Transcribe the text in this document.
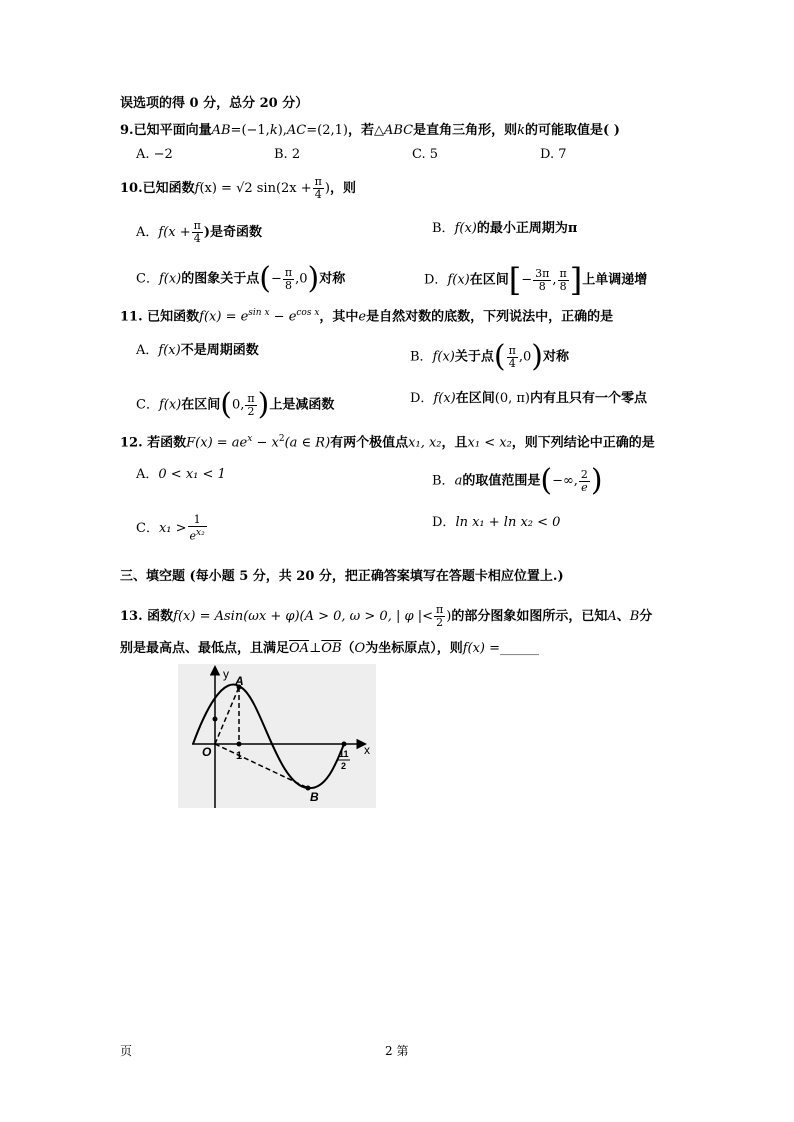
误选项的得 0 分，总分 20 分）
9.已知平面向量AB=(−1,k),AC=(2,1)，若△ABC是直角三角形，则k的可能取值是( )
A. −2	B. 2	C. 5	D. 7
10.已知函数f(x) = √2 $\sin(2x + \frac{\pi}{4}$ )，则
A．$f(x + \frac{\pi}{4}$ )是奇函数	B．f(x)的最小正周期为π
C．f(x)的图象关于点(− $\frac{\pi}{8} ,0$)对称	D．f(x)在区间[− $\frac{3\pi}{8}$ , $\frac{\pi}{8}$ ]上单调递增
11. 已知函数$f(x) = e^{sin x} - e^{cos x}$，其中e是自然对数的底数，下列说法中，正确的是
A．f(x)不是周期函数	B．f(x)关于点( $\frac{\pi}{4} ,0$)对称
C．f(x)在区间(0, $\frac{\pi}{2}$ )上是减函数	D．f(x)在区间(0, π)内有且只有一个零点
12. 若函数$F(x) = ae^x - x^2(a$ ∈ R)有两个极值点x₁, x₂，且x₁ < x₂，则下列结论中正确的是
A．0 < x₁ < 1	B．a的取值范围是(−∞, $\frac{2}{e}$ )
C．$x_1 > \frac{1}{e^{x_2}}$	D．ln x₁ + ln x₂ < 0
三、填空题 (每小题 5 分，共 20 分，把正确答案填写在答题卡相应位置上.)
13. 函数f(x) = Asin(ωx + φ)(A > 0, ω > 0, | φ |< $\frac{\pi}{2}$ )的部分图象如图所示，已知A、B分
别是最高点、最低点，且满足$\overline{OA}\perp\overline{OB}(O$为坐标原点），则f(x) =______
y
x
A
B
O 1	11
2
页	2 第
